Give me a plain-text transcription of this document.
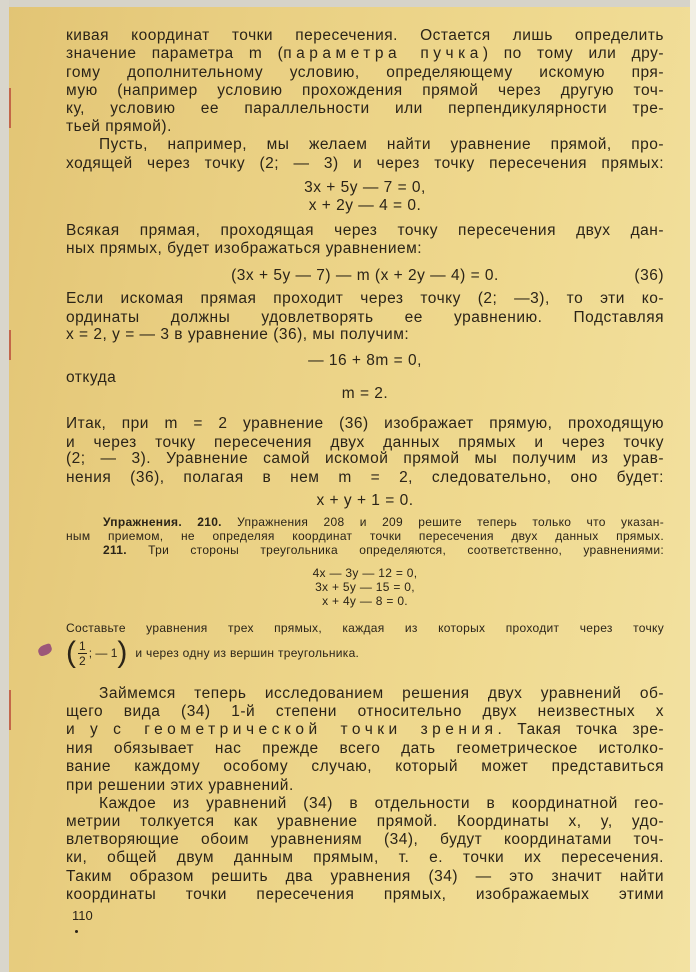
кивая координат точки пересечения. Остается лишь определить
значение параметра m (параметра пучка) по тому или дру-
гому дополнительному условию, определяющему искомую пря-
мую (например условию прохождения прямой через другую точ-
ку, условию ее параллельности или перпендикулярности тре-
тьей прямой).
Пусть, например, мы желаем найти уравнение прямой, про-
ходящей через точку (2; — 3) и через точку пересечения прямых:
3x + 5y — 7 = 0,
x + 2y — 4 = 0.
Всякая прямая, проходящая через точку пересечения двух дан-
ных прямых, будет изображаться уравнением:
(3x + 5y — 7) — m (x + 2y — 4) = 0.	(36)
Если искомая прямая проходит через точку (2; —3), то эти ко-
ординаты должны удовлетворять ее уравнению. Подставляя
x = 2, y = — 3 в уравнение (36), мы получим:
— 16 + 8m = 0,
откуда
m = 2.
Итак, при m = 2 уравнение (36) изображает прямую, проходящую
и через точку пересечения двух данных прямых и через точку
(2; — 3). Уравнение самой искомой прямой мы получим из урав-
нения (36), полагая в нем m = 2, следовательно, оно будет:
x + y + 1 = 0.
Упражнения. 210. Упражнения 208 и 209 решите теперь только что указан-
ным приемом, не определяя координат точки пересечения двух данных прямых.
211. Три стороны треугольника определяются, соответственно, уравнениями:
4x — 3y — 12 = 0,
3x + 5y — 15 = 0,
x + 4y — 8 = 0.
Составьте уравнения трех прямых, каждая из которых проходит через точку
Займемся теперь исследованием решения двух уравнений об-
щего вида (34) 1-й степени относительно двух неизвестных x
и y с геометрической точки зрения. Такая точка зре-
ния обязывает нас прежде всего дать геометрическое истолко-
вание каждому особому случаю, который может представиться
при решении этих уравнений.
Каждое из уравнений (34) в отдельности в координатной гео-
метрии толкуется как уравнение прямой. Координаты x, y, удо-
влетворяющие обоим уравнениям (34), будут координатами точ-
ки, общей двум данным прямым, т. е. точки их пересечения.
Таким образом решить два уравнения (34) — это значит найти
координаты точки пересечения прямых, изображаемых этими
( $\frac{1}{2}$ ; — 1 ) и через одну из вершин треугольника.
110
